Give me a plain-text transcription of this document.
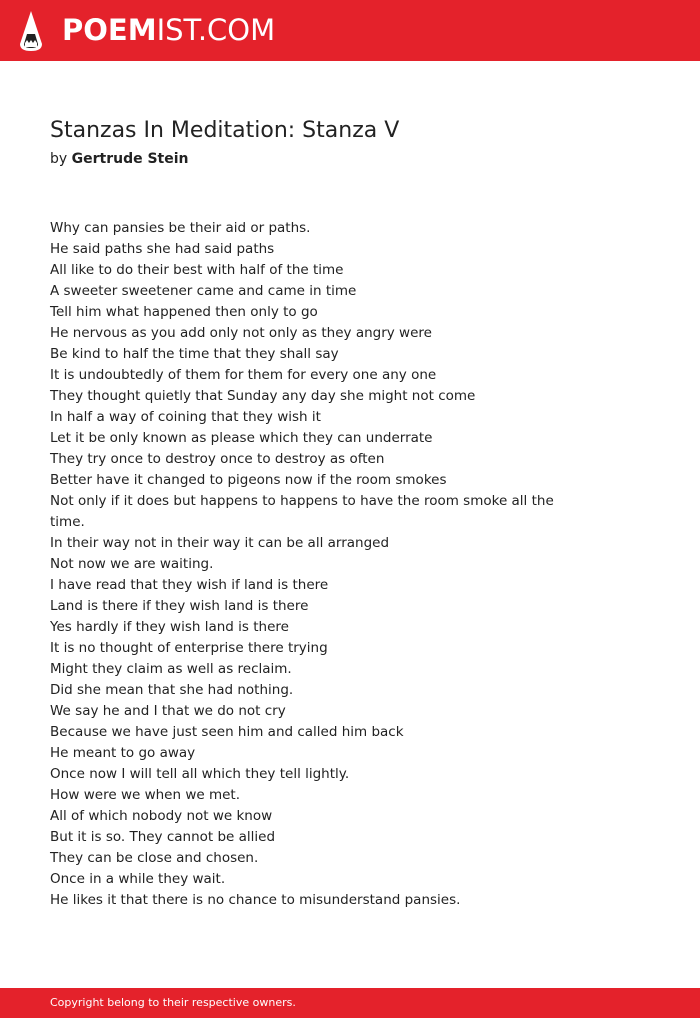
POEMIST.COM
Stanzas In Meditation: Stanza V
by Gertrude Stein
Why can pansies be their aid or paths.
He said paths she had said paths
All like to do their best with half of the time
A sweeter sweetener came and came in time
Tell him what happened then only to go
He nervous as you add only not only as they angry were
Be kind to half the time that they shall say
It is undoubtedly of them for them for every one any one
They thought quietly that Sunday any day she might not come
In half a way of coining that they wish it
Let it be only known as please which they can underrate
They try once to destroy once to destroy as often
Better have it changed to pigeons now if the room smokes
Not only if it does but happens to happens to have the room smoke all the time.
In their way not in their way it can be all arranged
Not now we are waiting.
I have read that they wish if land is there
Land is there if they wish land is there
Yes hardly if they wish land is there
It is no thought of enterprise there trying
Might they claim as well as reclaim.
Did she mean that she had nothing.
We say he and I that we do not cry
Because we have just seen him and called him back
He meant to go away
Once now I will tell all which they tell lightly.
How were we when we met.
All of which nobody not we know
But it is so. They cannot be allied
They can be close and chosen.
Once in a while they wait.
He likes it that there is no chance to misunderstand pansies.
Copyright belong to their respective owners.
